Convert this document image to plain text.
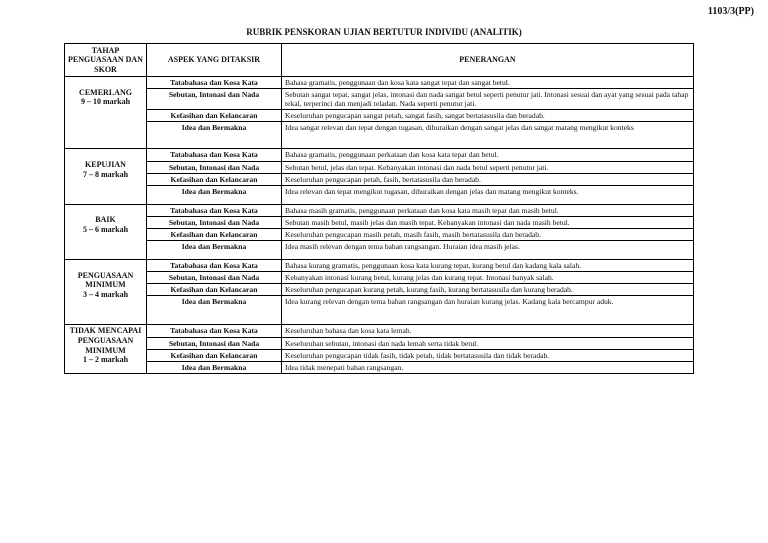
1103/3(PP)
RUBRIK PENSKORAN UJIAN BERTUTUR INDIVIDU (ANALITIK)
TAHAP PENGUASAAN DAN SKOR	ASPEK YANG DITAKSIR	PENERANGAN

CEMERLANG
9 – 10 markah	Tatabahasa dan Kosa Kata	Bahasa gramatis, penggunaan dan kosa kata sangat tepat dan sangat betul.
	Sebutan, Intonasi dan Nada	Sebutan sangat tepat, sangat jelas, intonasi dan nada sangat betul seperti penutur jati. Intonasi sesuai dan ayat yang sesuai pada tahap tekal, terperinci dan menjadi teladan. Nada seperti penutur jati.
	Kefasihan dan Kelancaran	Keseluruhan pengucapan sangat petah, sangat fasih, sangat bertatasusila dan beradab.
	Idea dan Bermakna	Idea sangat relevan dan tepat dengan tugasan, dihuraikan dengan sangat jelas dan sangat matang mengikut konteks

KEPUJIAN
7 – 8 markah	Tatabahasa dan Kosa Kata	Bahasa gramatis, penggunaan perkataan dan kosa kata tepat dan betul.
	Sebutan, Intonasi dan Nada	Sebutan betul, jelas dan tepat. Kebanyakan intonasi dan nada betul seperti penutur jati.
	Kefasihan dan Kelancaran	Keseluruhan pengucapan petah, fasih, bertatasusila dan beradab.
	Idea dan Bermakna	Idea relevan dan tepat mengikut tugasan, dihuraikan dengan jelas dan matang mengikut konteks.

BAIK
5 – 6 markah	Tatabahasa dan Kosa Kata	Bahasa masih gramatis, penggunaan perkataan dan kosa kata masih tepat dan masih betul.
	Sebutan, Intonasi dan Nada	Sebutan masih betul, masih jelas dan masih tepat. Kebanyakan intonasi dan nada masih betul.
	Kefasihan dan Kelancaran	Keseluruhan pengucapan masih petah, masih fasih, masih bertatasusila dan beradab.
	Idea dan Bermakna	Idea masih relevan dengan tema bahan rangsangan. Huraian idea masih jelas.

PENGUASAAN MINIMUM
3 – 4 markah	Tatabahasa dan Kosa Kata	Bahasa kurang gramatis, penggunaan kosa kata kurang tepat, kurang betul dan kadang kala salah.
	Sebutan, Intonasi dan Nada	Kebanyakan intonasi kurang betul, kurang jelas dan kurang tepat. Intonasi banyak salah.
	Kefasihan dan Kelancaran	Keseluruhan pengucapan kurang petah, kurang fasih, kurang bertatasusila dan kurang beradab.
	Idea dan Bermakna	Idea kurang relevan dengan tema bahan rangsangan dan huraian kurang jelas. Kadang kala bercampur aduk.
TIDAK MENCAPAI PENGUASAAN MINIMUM
1 – 2 markah	Tatabahasa dan Kosa Kata	Keseluruhan bahasa dan kosa kata lemah.
	Sebutan, Intonasi dan Nada	Keseluruhan sebutan, intonasi dan nada lemah serta tidak betul.
	Kefasihan dan Kelancaran	Keseluruhan pengucapan tidak fasih, tidak petah, tidak bertatasusila dan tidak beradab.
	Idea dan Bermakna	Idea tidak menepati bahan rangsangan.
